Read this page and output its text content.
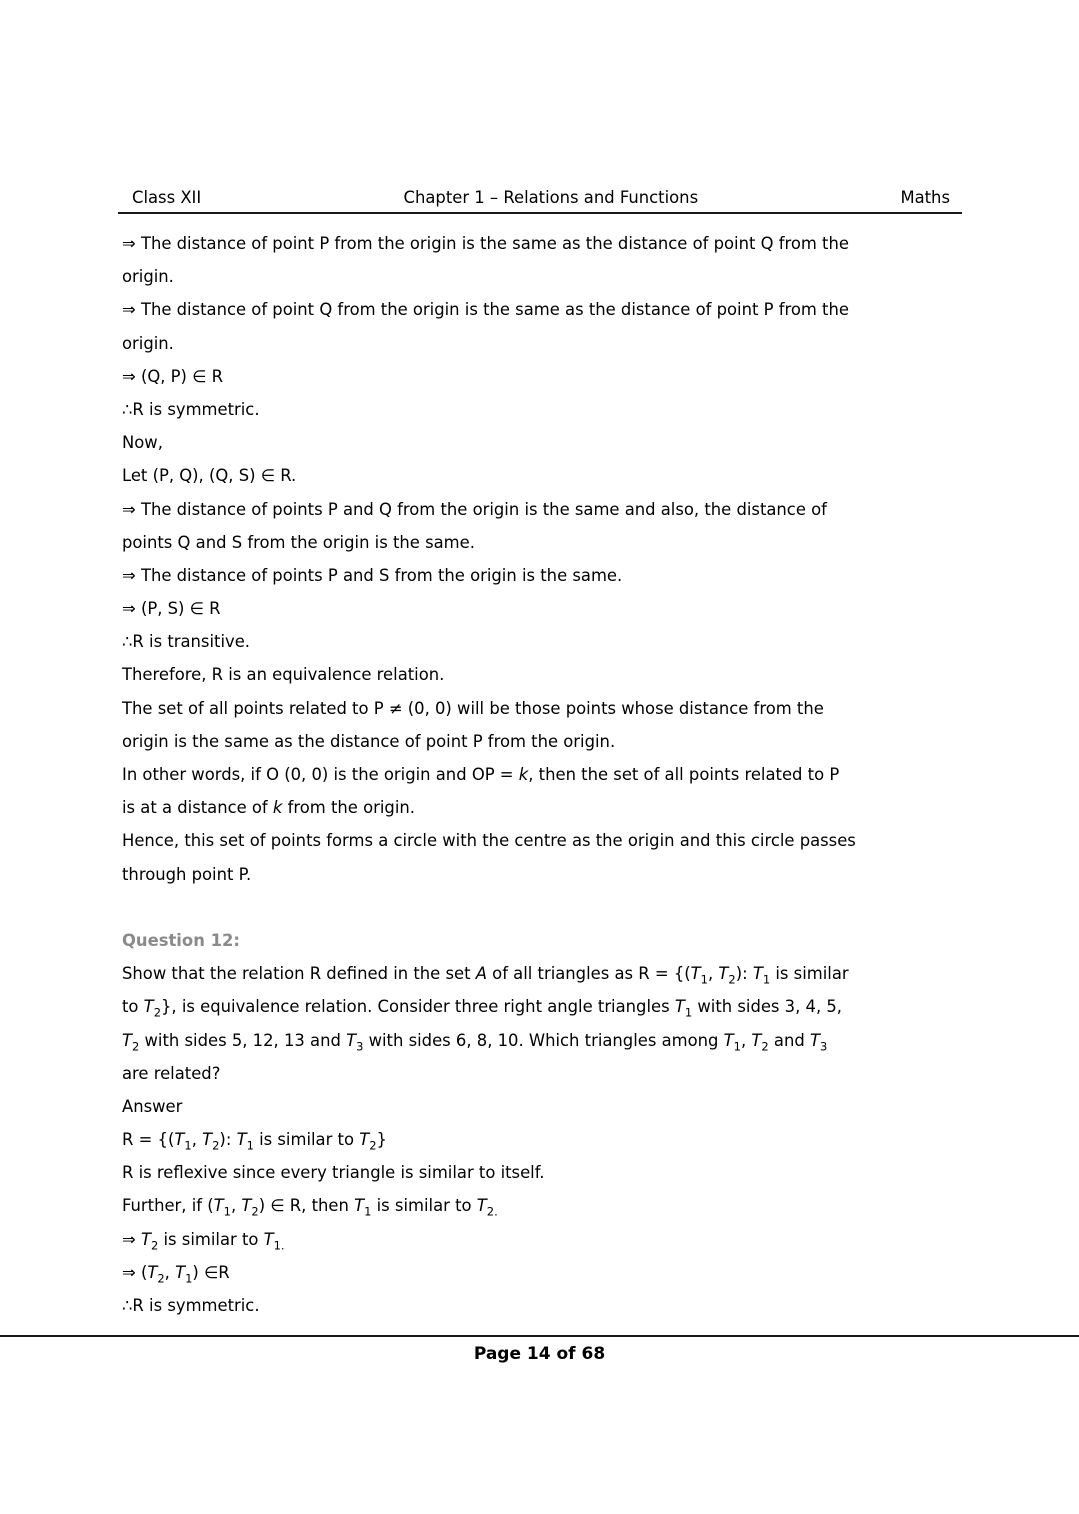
Class XII	Chapter 1 – Relations and Functions	Maths
⇒ The distance of point P from the origin is the same as the distance of point Q from the
origin.
⇒ The distance of point Q from the origin is the same as the distance of point P from the
origin.
⇒ (Q, P) ∈ R
∴R is symmetric.
Now,
Let (P, Q), (Q, S) ∈ R.
⇒ The distance of points P and Q from the origin is the same and also, the distance of
points Q and S from the origin is the same.
⇒ The distance of points P and S from the origin is the same.
⇒ (P, S) ∈ R
∴R is transitive.
Therefore, R is an equivalence relation.
The set of all points related to P ≠ (0, 0) will be those points whose distance from the
origin is the same as the distance of point P from the origin.
In other words, if O (0, 0) is the origin and OP = k, then the set of all points related to P
is at a distance of k from the origin.
Hence, this set of points forms a circle with the centre as the origin and this circle passes
through point P.
Question 12:
Show that the relation R defined in the set A of all triangles as $R = \{(T_1$, $T_2$): $T_1$ is similar
to $T_2$}, is equivalence relation. Consider three right angle triangles $T_1$ with sides 3, 4, 5,
$T_2$ with sides 5, 12, 13 and $T_3$ with sides 6, 8, 10. Which triangles among $T_1$, $T_2$ and $T_3$
are related?
Answer
$R = \{(T_1$, $T_2$): $T_1$ is similar to $T_2$}
R is reflexive since every triangle is similar to itself.
Further, if ($T_1$, $T_2$) ∈ R, then $T_1$ is similar to $T_{2.}$
⇒ $T_2$ is similar to $T_{1.}$
⇒ ($T_2$, $T_1$) ∈R
∴R is symmetric.
Page 14 of 68
